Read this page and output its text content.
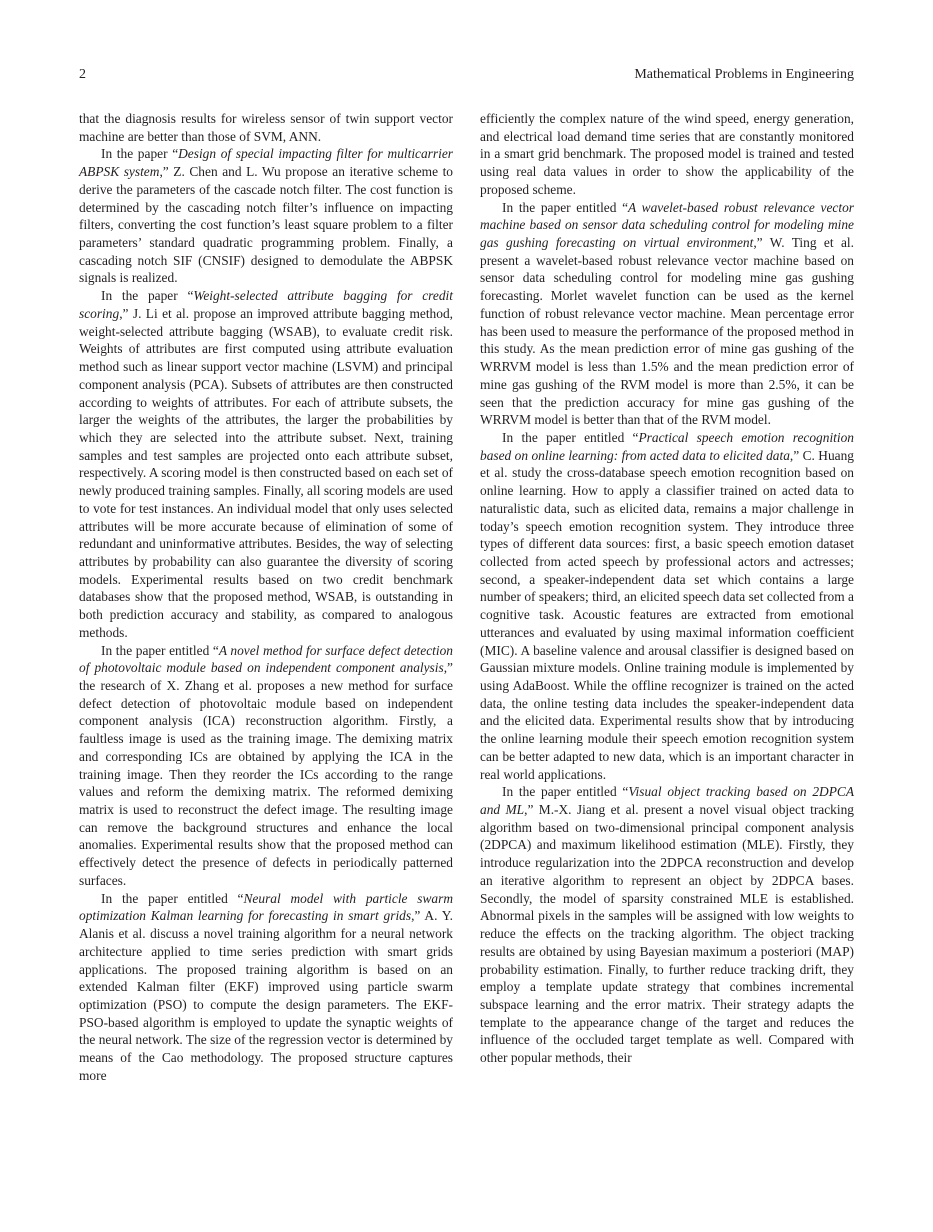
2	Mathematical Problems in Engineering

that the diagnosis results for wireless sensor of twin support vector machine are better than those of SVM, ANN.

In the paper “Design of special impacting filter for multicarrier ABPSK system,” Z. Chen and L. Wu propose an iterative scheme to derive the parameters of the cascade notch filter. The cost function is determined by the cascading notch filter’s influence on impacting filters, converting the cost function’s least square problem to a filter parameters’ standard quadratic programming problem. Finally, a cascading notch SIF (CNSIF) designed to demodulate the ABPSK signals is realized.

In the paper “Weight-selected attribute bagging for credit scoring,” J. Li et al. propose an improved attribute bagging method, weight-selected attribute bagging (WSAB), to evaluate credit risk. Weights of attributes are first computed using attribute evaluation method such as linear support vector machine (LSVM) and principal component analysis (PCA). Subsets of attributes are then constructed according to weights of attributes. For each of attribute subsets, the larger the weights of the attributes, the larger the probabilities by which they are selected into the attribute subset. Next, training samples and test samples are projected onto each attribute subset, respectively. A scoring model is then constructed based on each set of newly produced training samples. Finally, all scoring models are used to vote for test instances. An individual model that only uses selected attributes will be more accurate because of elimination of some of redundant and uninformative attributes. Besides, the way of selecting attributes by probability can also guarantee the diversity of scoring models. Experimental results based on two credit benchmark databases show that the proposed method, WSAB, is outstanding in both prediction accuracy and stability, as compared to analogous methods.

In the paper entitled “A novel method for surface defect detection of photovoltaic module based on independent component analysis,” the research of X. Zhang et al. proposes a new method for surface defect detection of photovoltaic module based on independent component analysis (ICA) reconstruction algorithm. Firstly, a faultless image is used as the training image. The demixing matrix and corresponding ICs are obtained by applying the ICA in the training image. Then they reorder the ICs according to the range values and reform the demixing matrix. The reformed demixing matrix is used to reconstruct the defect image. The resulting image can remove the background structures and enhance the local anomalies. Experimental results show that the proposed method can effectively detect the presence of defects in periodically patterned surfaces.

In the paper entitled “Neural model with particle swarm optimization Kalman learning for forecasting in smart grids,” A. Y. Alanis et al. discuss a novel training algorithm for a neural network architecture applied to time series prediction with smart grids applications. The proposed training algorithm is based on an extended Kalman filter (EKF) improved using particle swarm optimization (PSO) to compute the design parameters. The EKF-PSO-based algorithm is employed to update the synaptic weights of the neural network. The size of the regression vector is determined by means of the Cao methodology. The proposed structure captures more

efficiently the complex nature of the wind speed, energy generation, and electrical load demand time series that are constantly monitored in a smart grid benchmark. The proposed model is trained and tested using real data values in order to show the applicability of the proposed scheme.

In the paper entitled “A wavelet-based robust relevance vector machine based on sensor data scheduling control for modeling mine gas gushing forecasting on virtual environment,” W. Ting et al. present a wavelet-based robust relevance vector machine based on sensor data scheduling control for modeling mine gas gushing forecasting. Morlet wavelet function can be used as the kernel function of robust relevance vector machine. Mean percentage error has been used to measure the performance of the proposed method in this study. As the mean prediction error of mine gas gushing of the WRRVM model is less than 1.5% and the mean prediction error of mine gas gushing of the RVM model is more than 2.5%, it can be seen that the prediction accuracy for mine gas gushing of the WRRVM model is better than that of the RVM model.

In the paper entitled “Practical speech emotion recognition based on online learning: from acted data to elicited data,” C. Huang et al. study the cross-database speech emotion recognition based on online learning. How to apply a classifier trained on acted data to naturalistic data, such as elicited data, remains a major challenge in today’s speech emotion recognition system. They introduce three types of different data sources: first, a basic speech emotion dataset collected from acted speech by professional actors and actresses; second, a speaker-independent data set which contains a large number of speakers; third, an elicited speech data set collected from a cognitive task. Acoustic features are extracted from emotional utterances and evaluated by using maximal information coefficient (MIC). A baseline valence and arousal classifier is designed based on Gaussian mixture models. Online training module is implemented by using AdaBoost. While the offline recognizer is trained on the acted data, the online testing data includes the speaker-independent data and the elicited data. Experimental results show that by introducing the online learning module their speech emotion recognition system can be better adapted to new data, which is an important character in real world applications.

In the paper entitled “Visual object tracking based on 2DPCA and ML,” M.-X. Jiang et al. present a novel visual object tracking algorithm based on two-dimensional principal component analysis (2DPCA) and maximum likelihood estimation (MLE). Firstly, they introduce regularization into the 2DPCA reconstruction and develop an iterative algorithm to represent an object by 2DPCA bases. Secondly, the model of sparsity constrained MLE is established. Abnormal pixels in the samples will be assigned with low weights to reduce the effects on the tracking algorithm. The object tracking results are obtained by using Bayesian maximum a posteriori (MAP) probability estimation. Finally, to further reduce tracking drift, they employ a template update strategy that combines incremental subspace learning and the error matrix. Their strategy adapts the template to the appearance change of the target and reduces the influence of the occluded target template as well. Compared with other popular methods, their
